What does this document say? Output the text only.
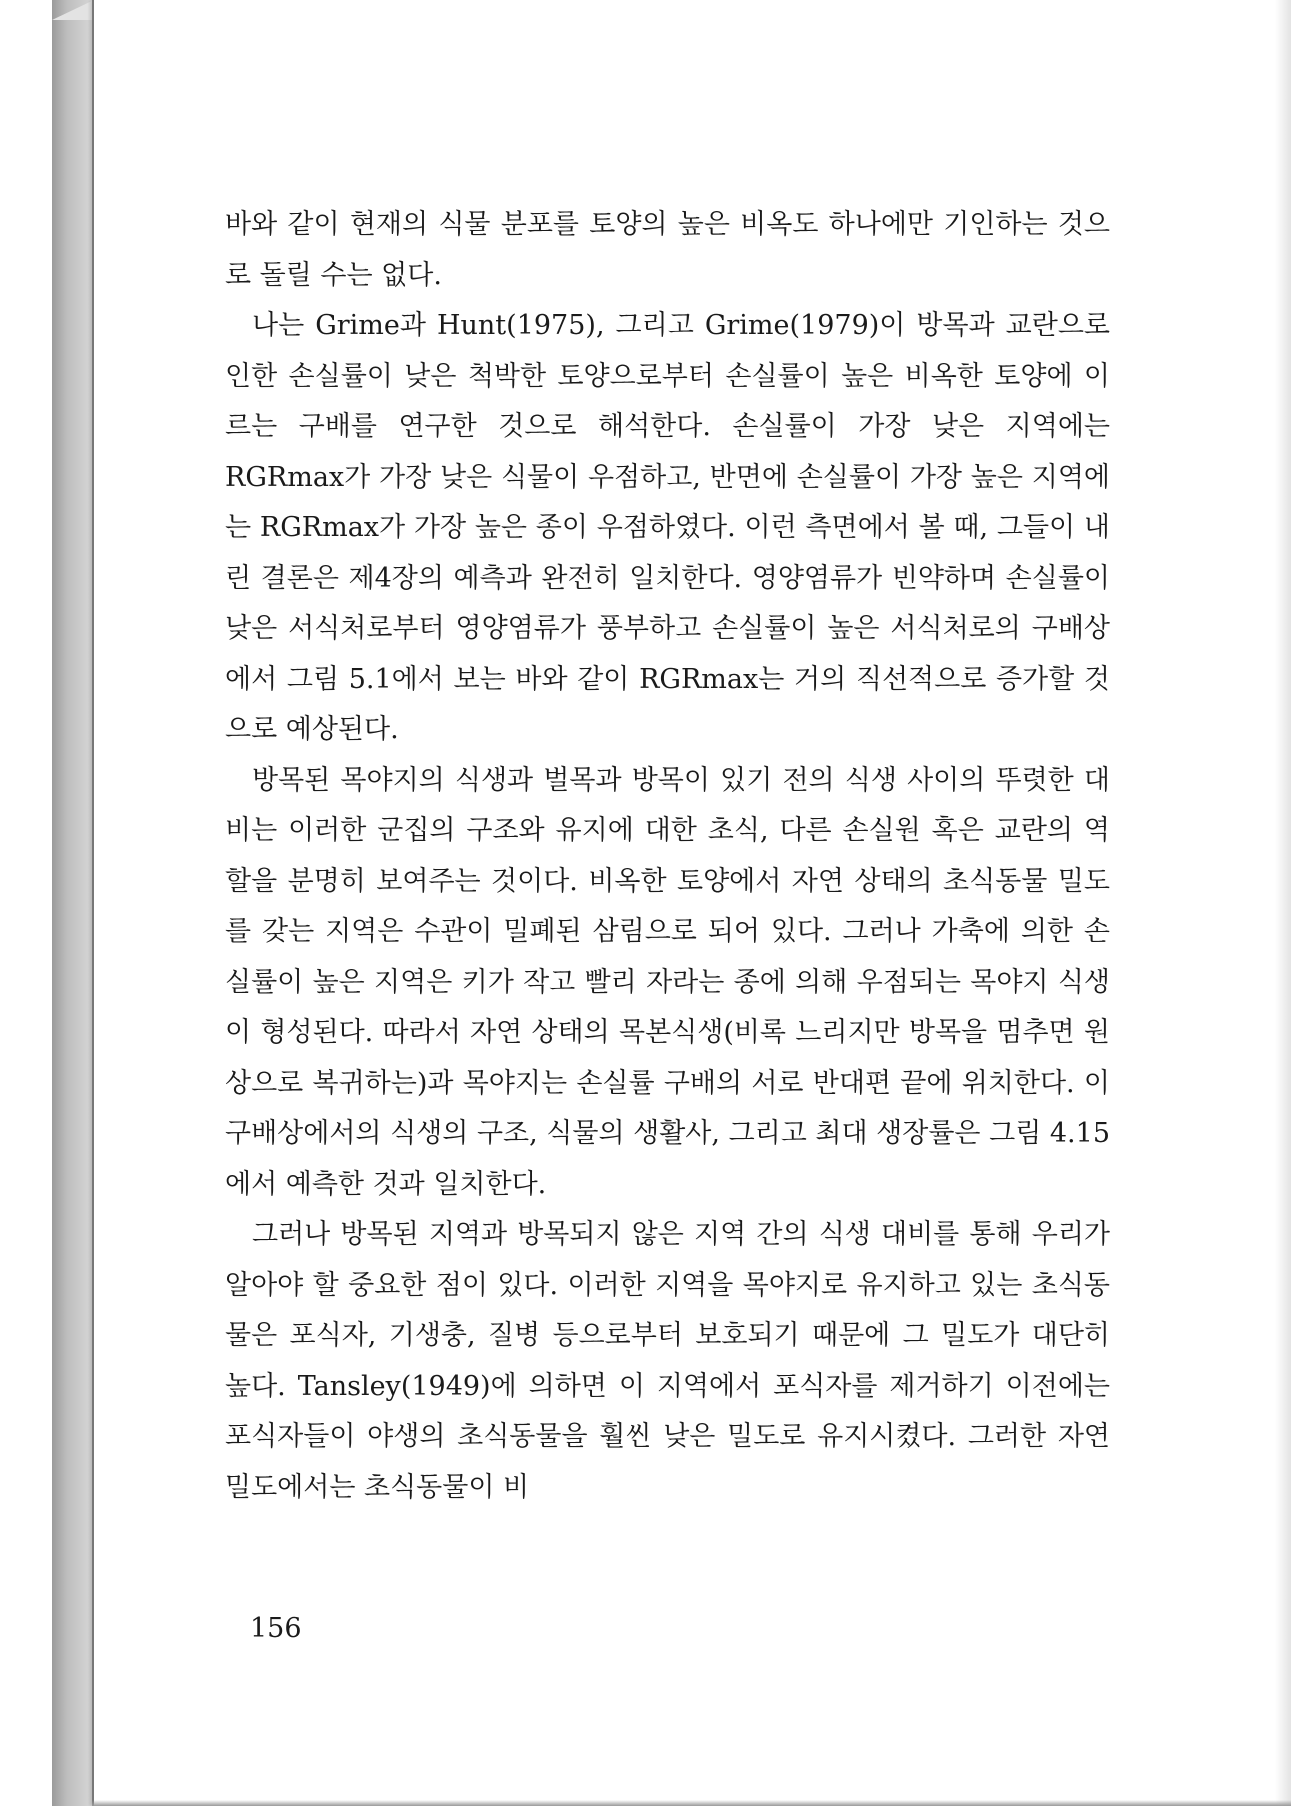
바와 같이 현재의 식물 분포를 토양의 높은 비옥도 하나에만 기인하는 것으로 돌릴 수는 없다.

나는 Grime과 Hunt(1975), 그리고 Grime(1979)이 방목과 교란으로 인한 손실률이 낮은 척박한 토양으로부터 손실률이 높은 비옥한 토양에 이르는 구배를 연구한 것으로 해석한다. 손실률이 가장 낮은 지역에는 RGRmax가 가장 낮은 식물이 우점하고, 반면에 손실률이 가장 높은 지역에는 RGRmax가 가장 높은 종이 우점하였다. 이런 측면에서 볼 때, 그들이 내린 결론은 제4장의 예측과 완전히 일치한다. 영양염류가 빈약하며 손실률이 낮은 서식처로부터 영양염류가 풍부하고 손실률이 높은 서식처로의 구배상에서 그림 5.1에서 보는 바와 같이 RGRmax는 거의 직선적으로 증가할 것으로 예상된다.

방목된 목야지의 식생과 벌목과 방목이 있기 전의 식생 사이의 뚜렷한 대비는 이러한 군집의 구조와 유지에 대한 초식, 다른 손실원 혹은 교란의 역할을 분명히 보여주는 것이다. 비옥한 토양에서 자연 상태의 초식동물 밀도를 갖는 지역은 수관이 밀폐된 삼림으로 되어 있다. 그러나 가축에 의한 손실률이 높은 지역은 키가 작고 빨리 자라는 종에 의해 우점되는 목야지 식생이 형성된다. 따라서 자연 상태의 목본식생(비록 느리지만 방목을 멈추면 원상으로 복귀하는)과 목야지는 손실률 구배의 서로 반대편 끝에 위치한다. 이 구배상에서의 식생의 구조, 식물의 생활사, 그리고 최대 생장률은 그림 4.15에서 예측한 것과 일치한다.

그러나 방목된 지역과 방목되지 않은 지역 간의 식생 대비를 통해 우리가 알아야 할 중요한 점이 있다. 이러한 지역을 목야지로 유지하고 있는 초식동물은 포식자, 기생충, 질병 등으로부터 보호되기 때문에 그 밀도가 대단히 높다. Tansley(1949)에 의하면 이 지역에서 포식자를 제거하기 이전에는 포식자들이 야생의 초식동물을 훨씬 낮은 밀도로 유지시켰다. 그러한 자연밀도에서는 초식동물이 비

156
